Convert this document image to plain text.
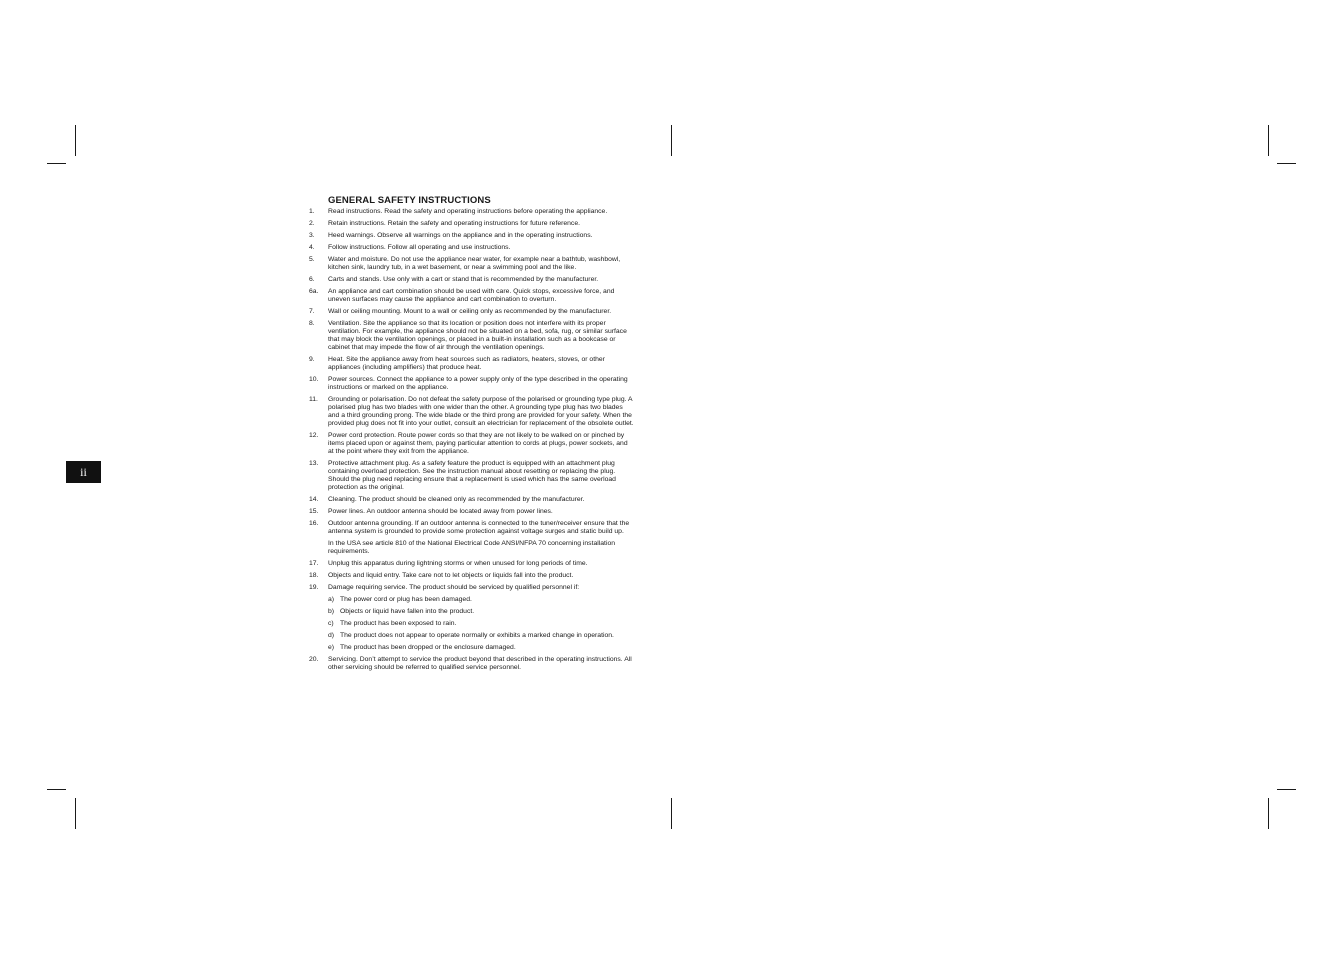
ii
GENERAL SAFETY INSTRUCTIONS
1. Read instructions. Read the safety and operating instructions before operating the appliance.
2. Retain instructions. Retain the safety and operating instructions for future reference.
3. Heed warnings. Observe all warnings on the appliance and in the operating instructions.
4. Follow instructions. Follow all operating and use instructions.
5. Water and moisture. Do not use the appliance near water, for example near a bathtub, washbowl, kitchen sink, laundry tub, in a wet basement, or near a swimming pool and the like.
6. Carts and stands. Use only with a cart or stand that is recommended by the manufacturer.
6a. An appliance and cart combination should be used with care. Quick stops, excessive force, and uneven surfaces may cause the appliance and cart combination to overturn.
7. Wall or ceiling mounting. Mount to a wall or ceiling only as recommended by the manufacturer.
8. Ventilation. Site the appliance so that its location or position does not interfere with its proper ventilation. For example, the appliance should not be situated on a bed, sofa, rug, or similar surface that may block the ventilation openings, or placed in a built-in installation such as a bookcase or cabinet that may impede the flow of air through the ventilation openings.
9. Heat. Site the appliance away from heat sources such as radiators, heaters, stoves, or other appliances (including amplifiers) that produce heat.
10. Power sources. Connect the appliance to a power supply only of the type described in the operating instructions or marked on the appliance.
11. Grounding or polarisation. Do not defeat the safety purpose of the polarised or grounding type plug. A polarised plug has two blades with one wider than the other. A grounding type plug has two blades and a third grounding prong. The wide blade or the third prong are provided for your safety. When the provided plug does not fit into your outlet, consult an electrician for replacement of the obsolete outlet.
12. Power cord protection. Route power cords so that they are not likely to be walked on or pinched by items placed upon or against them, paying particular attention to cords at plugs, power sockets, and at the point where they exit from the appliance.
13. Protective attachment plug. As a safety feature the product is equipped with an attachment plug containing overload protection. See the instruction manual about resetting or replacing the plug. Should the plug need replacing ensure that a replacement is used which has the same overload protection as the original.
14. Cleaning. The product should be cleaned only as recommended by the manufacturer.
15. Power lines. An outdoor antenna should be located away from power lines.
16. Outdoor antenna grounding. If an outdoor antenna is connected to the tuner/receiver ensure that the antenna system is grounded to provide some protection against voltage surges and static build up.
In the USA see article 810 of the National Electrical Code ANSI/NFPA 70 concerning installation requirements.
17. Unplug this apparatus during lightning storms or when unused for long periods of time.
18. Objects and liquid entry. Take care not to let objects or liquids fall into the product.
19. Damage requiring service. The product should be serviced by qualified personnel if:
a) The power cord or plug has been damaged.
b) Objects or liquid have fallen into the product.
c) The product has been exposed to rain.
d) The product does not appear to operate normally or exhibits a marked change in operation.
e) The product has been dropped or the enclosure damaged.
20. Servicing. Don’t attempt to service the product beyond that described in the operating instructions. All other servicing should be referred to qualified service personnel.
